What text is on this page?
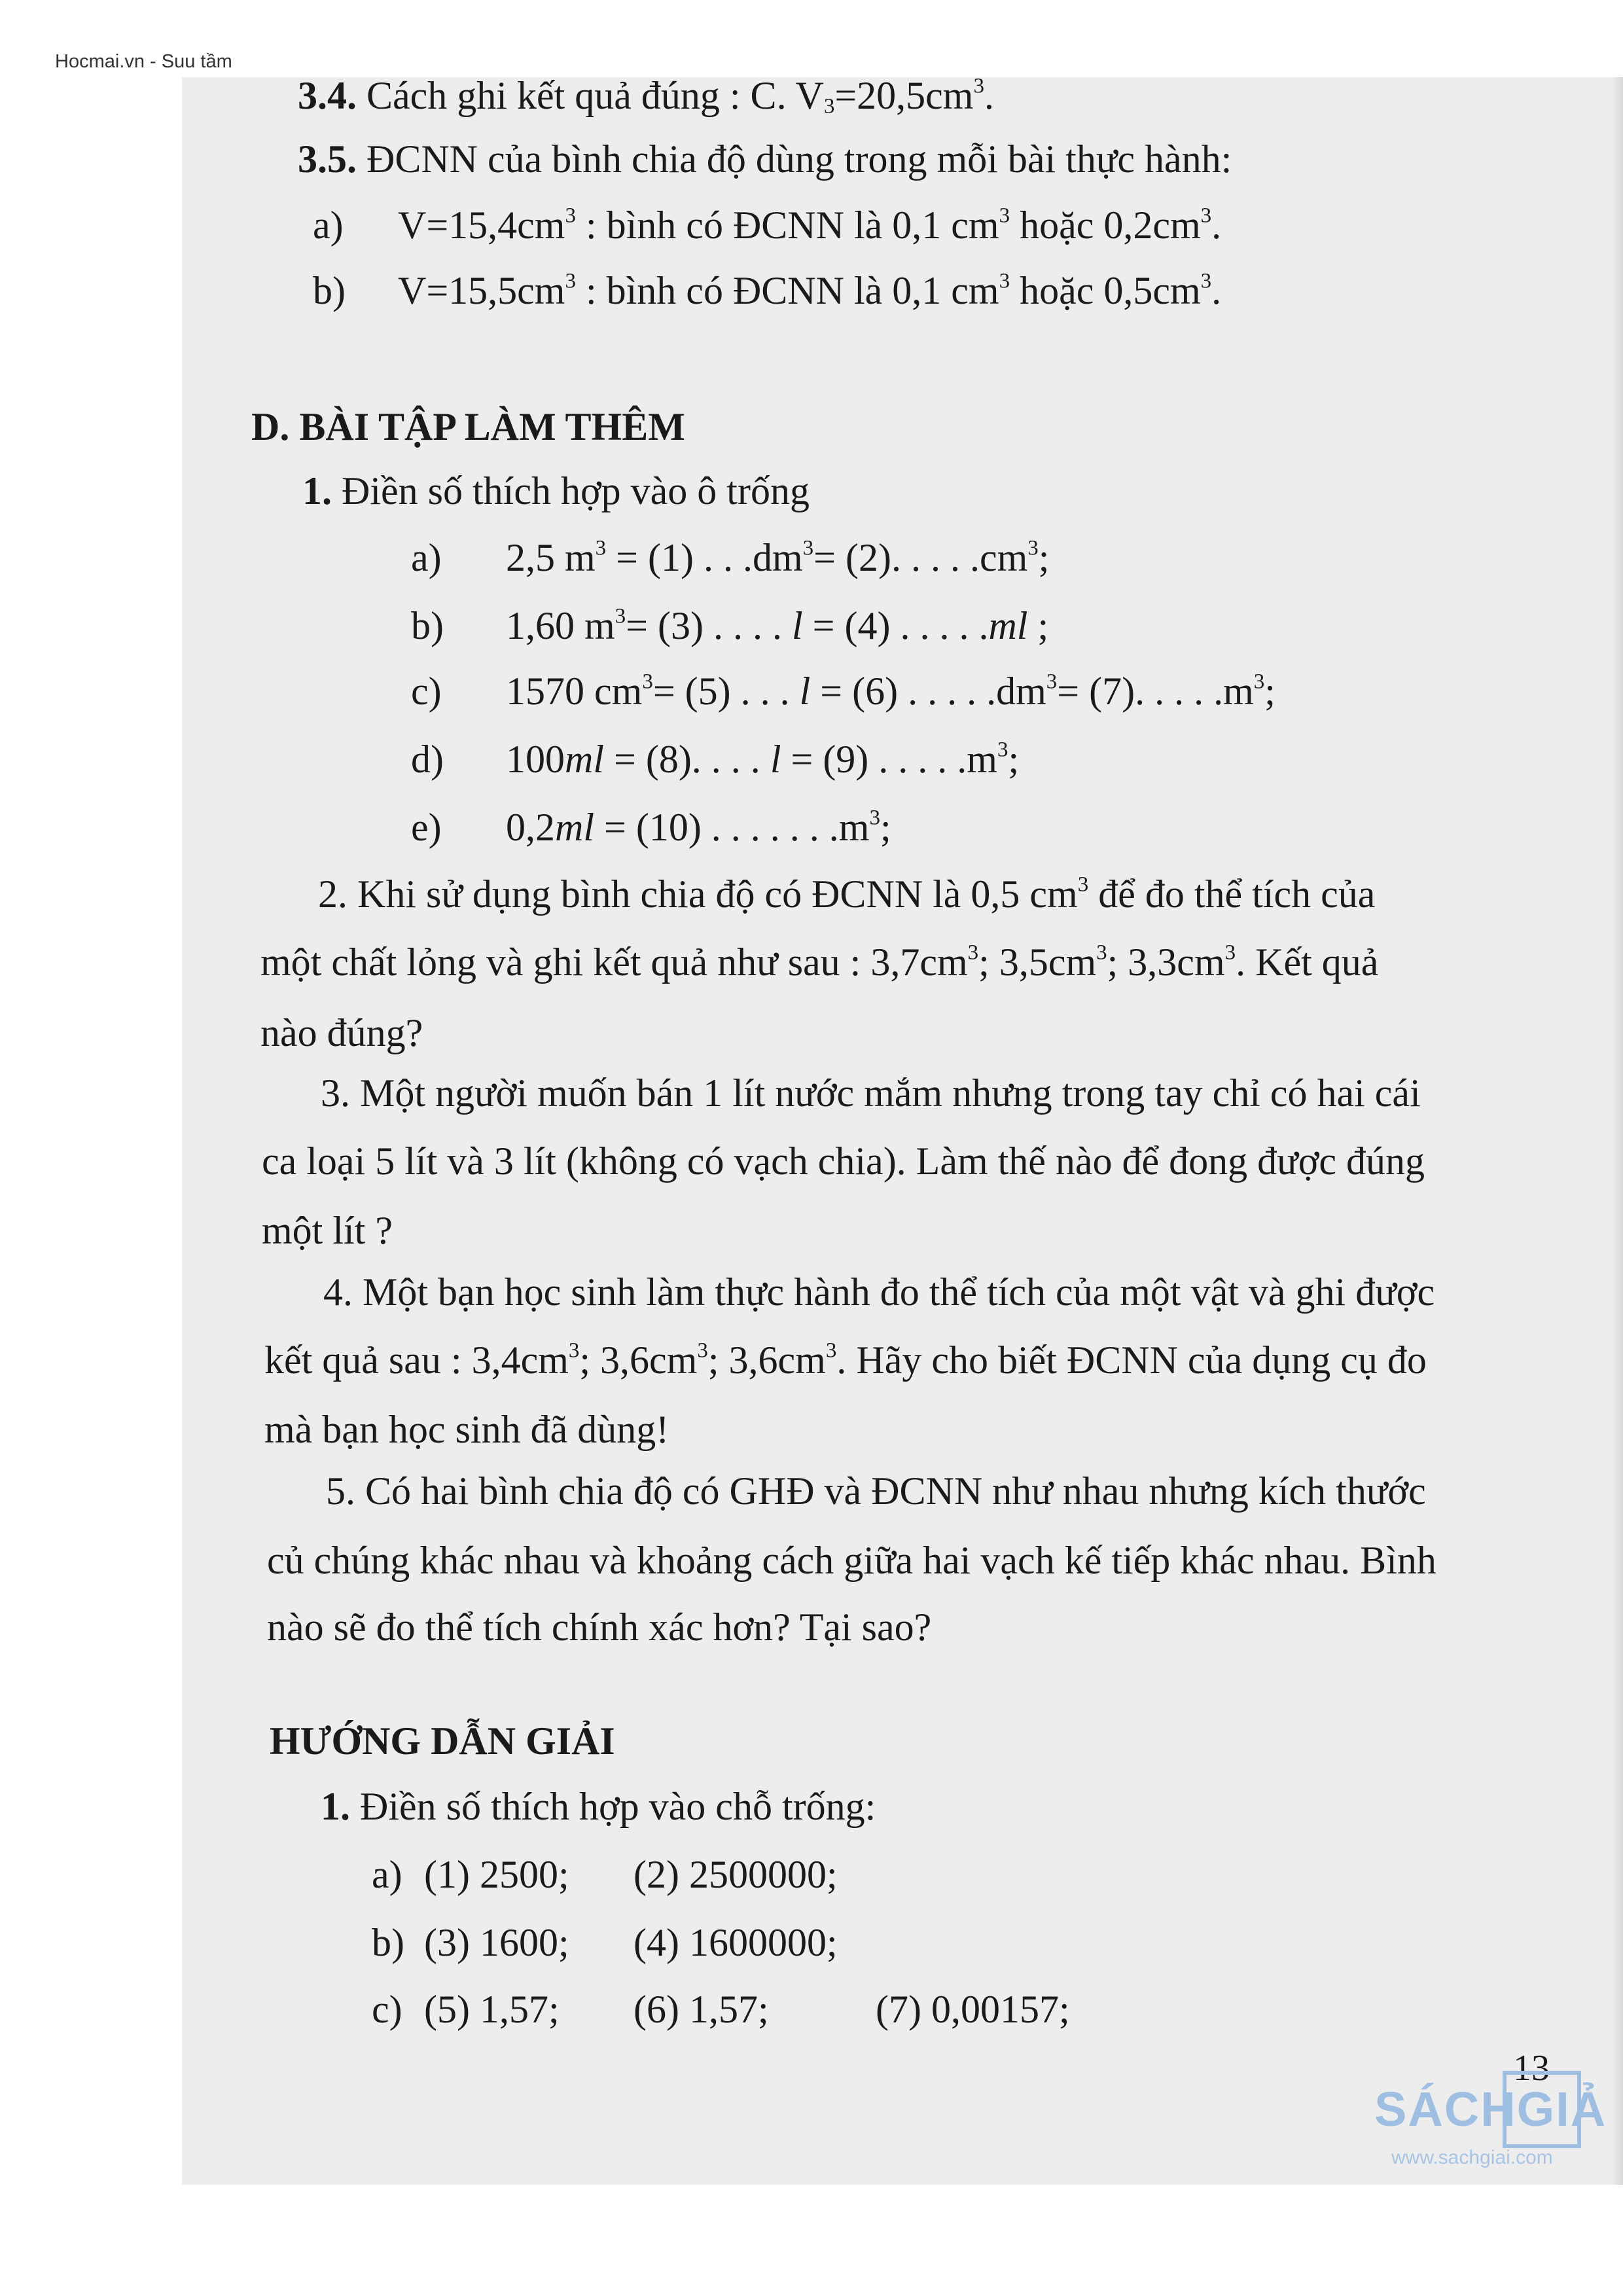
Hocmai.vn - Suu tầm
3.4. Cách ghi kết quả đúng : C. $V_3=20,5cm^3$.
3.5. ĐCNN của bình chia độ dùng trong mỗi bài thực hành:
a) $V=15,4cm^3$ : bình có ĐCNN là 0,1 $cm^3$ hoặc $0,2cm^3$.
b) $V=15,5cm^3$ : bình có ĐCNN là 0,1 $cm^3$ hoặc $0,5cm^3$.
D. BÀI TẬP LÀM THÊM
1. Điền số thích hợp vào ô trống
a) 2,5 $m^3 = (1)$ . . $.dm^3= (2)$. . . . $.cm^3$;
b) 1,60 $m^3= (3)$ . . . . l = (4) . . . . .ml ;
c) 1570 $cm^3= (5)$ . . . l = (6) . . . . $.dm^3= (7)$. . . . $.m^3$;
d) 100ml = (8). . . . l = (9) . . . . $.m^3$;
e) 0,2ml = (10) . . . . . . $.m^3$;
2. Khi sử dụng bình chia độ có ĐCNN là 0,5 $cm^3$ để đo thể tích của
một chất lỏng và ghi kết quả như sau : $3,7cm^3$; $3,5cm^3$; $3,3cm^3$. Kết quả
nào đúng?
3. Một người muốn bán 1 lít nước mắm nhưng trong tay chỉ có hai cái
ca loại 5 lít và 3 lít (không có vạch chia). Làm thế nào để đong được đúng
một lít ?
4. Một bạn học sinh làm thực hành đo thể tích của một vật và ghi được
kết quả sau : $3,4cm^3$; $3,6cm^3$; $3,6cm^3$. Hãy cho biết ĐCNN của dụng cụ đo
mà bạn học sinh đã dùng!
5. Có hai bình chia độ có GHĐ và ĐCNN như nhau nhưng kích thước
củ chúng khác nhau và khoảng cách giữa hai vạch kế tiếp khác nhau. Bình
nào sẽ đo thể tích chính xác hơn? Tại sao?
HƯỚNG DẪN GIẢI
1. Điền số thích hợp vào chỗ trống:
a) (1) 2500; (2) 2500000;
b) (3) 1600; (4) 1600000;
c) (5) 1,57; (6) 1,57;	(7) 0,00157;
13
SÁCHGIẢ
www.sachgiai.com
